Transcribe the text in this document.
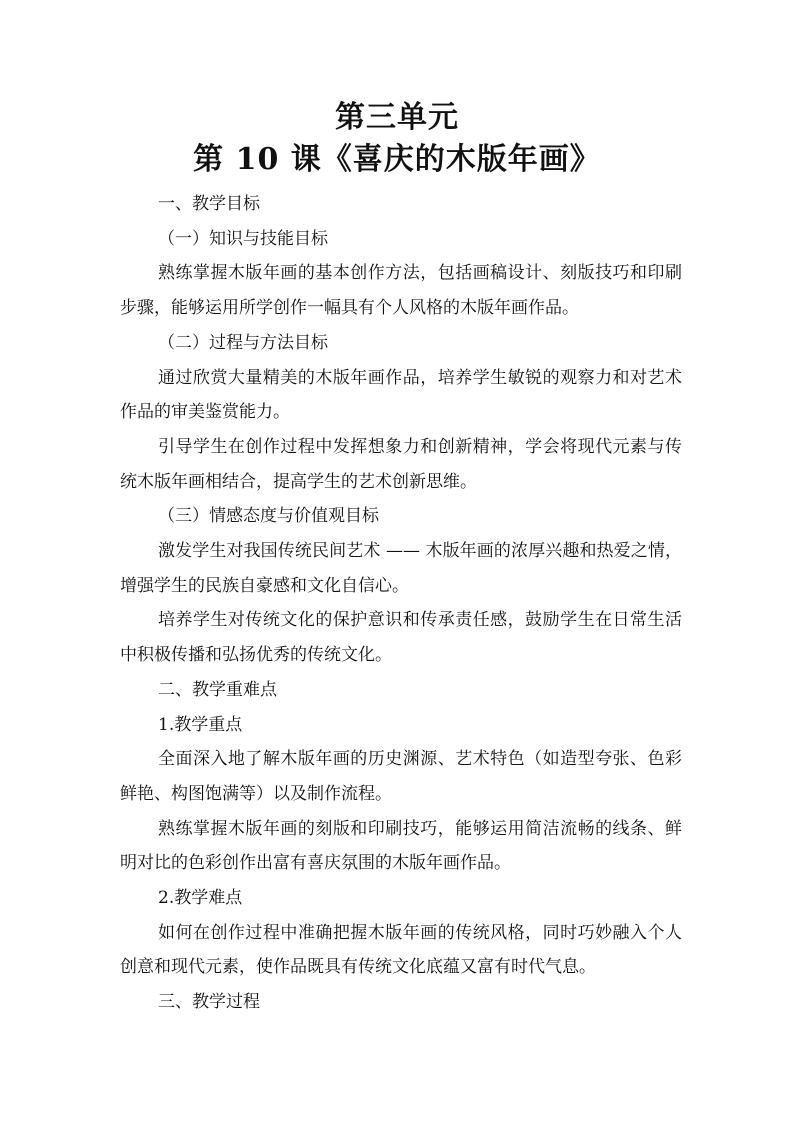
第三单元
第 10 课《喜庆的木版年画》

一、教学目标

（一）知识与技能目标

熟练掌握木版年画的基本创作方法，包括画稿设计、刻版技巧和印刷步骤，能够运用所学创作一幅具有个人风格的木版年画作品。

（二）过程与方法目标

通过欣赏大量精美的木版年画作品，培养学生敏锐的观察力和对艺术作品的审美鉴赏能力。

引导学生在创作过程中发挥想象力和创新精神，学会将现代元素与传统木版年画相结合，提高学生的艺术创新思维。

（三）情感态度与价值观目标

激发学生对我国传统民间艺术 —— 木版年画的浓厚兴趣和热爱之情，增强学生的民族自豪感和文化自信心。

培养学生对传统文化的保护意识和传承责任感，鼓励学生在日常生活中积极传播和弘扬优秀的传统文化。

二、教学重难点

1.教学重点

全面深入地了解木版年画的历史渊源、艺术特色（如造型夸张、色彩鲜艳、构图饱满等）以及制作流程。

熟练掌握木版年画的刻版和印刷技巧，能够运用简洁流畅的线条、鲜明对比的色彩创作出富有喜庆氛围的木版年画作品。

2.教学难点

如何在创作过程中准确把握木版年画的传统风格，同时巧妙融入个人创意和现代元素，使作品既具有传统文化底蕴又富有时代气息。

三、教学过程
